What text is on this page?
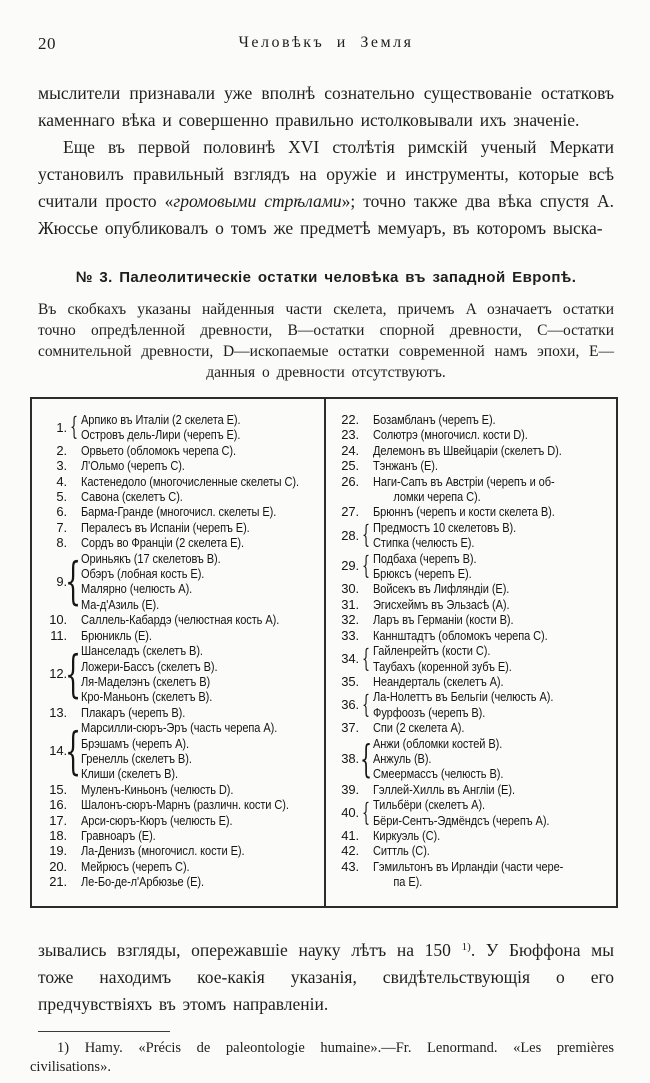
20	Человѣкъ и Земля

мыслители признавали уже вполнѣ сознательно существованіе остатковъ каменнаго вѣка и совершенно правильно истолковывали ихъ значеніе.

Еще въ первой половинѣ XVI столѣтія римскій ученый Меркати установилъ правильный взглядъ на оружіе и инструменты, которые всѣ считали просто «громовыми стрѣлами»; точно также два вѣка спустя А. Жюссье опубликовалъ о томъ же предметѣ мемуаръ, въ которомъ выска-

№ 3. Палеолитическіе остатки человѣка въ западной Европѣ.

Въ скобкахъ указаны найденныя части скелета, причемъ A означаетъ остатки точно опредѣленной древности, B—остатки спорной древности, C—остатки сомнительной древности, D—ископаемые остатки современной намъ эпохи, E—данныя о древности отсутствуютъ.

1. { Арпико въ Италіи (2 скелета Е).
Островъ дель-Лири (черепъ Е).
2. Орвьето (обломокъ черепа С).
3. Л'Ольмо (черепъ С).
4. Кастенедоло (многочисленные скелеты С).
5. Савона (скелетъ С).
6. Барма-Гранде (многочисл. скелеты Е).
7. Пералесъ въ Испаніи (черепъ Е).
8. Сордъ во Франціи (2 скелета Е).
9.
{ Ориньякъ (17 скелетовъ В).
Обэръ (лобная кость Е).
Малярно (челюсть А).
Ма-д'Азиль (Е).
10. Саллель-Кабардэ (челюстная кость А).
11. Брюникль (Е).
12.
{ Шанселадъ (скелетъ В).
Ложери-Бассъ (скелетъ В).
Ля-Маделэнъ (скелетъ В)
Кро-Маньонъ (скелетъ В).
13. Плакаръ (черепъ В).
14.
{ Марсилли-сюръ-Эръ (часть черепа А).
Брэшамъ (черепъ А).
Гренелль (скелетъ В).
Клиши (скелетъ В).
15. Муленъ-Киньонъ (челюсть D).
16. Шалонъ-сюръ-Марнъ (различн. кости С).
17. Арси-сюръ-Кюръ (челюсть Е).
18. Гравноаръ (Е).
19. Ла-Денизъ (многочисл. кости Е).
20. Мейрюсъ (черепъ С).
21. Ле-Бо-де-л'Арбюзье (Е).
22. Бозамбланъ (черепъ Е).
23. Солютрэ (многочисл. кости D).
24. Делемонъ въ Швейцаріи (скелетъ D).
25. Тэнжанъ (Е).
26. Наги-Сапъ въ Австріи (черепъ и об-
ломки черепа С).
27. Брюннъ (черепъ и кости скелета В).
28. { Предмостъ 10 скелетовъ В).
Стипка (челюсть Е).
29. { Подбаха (черепъ В).
Брюксъ (черепъ Е).
30. Войсекъ въ Лифляндіи (Е).
31. Эгисхеймъ въ Эльзасѣ (А).
32. Ларъ въ Германіи (кости В).
33. Каннштадтъ (обломокъ черепа С).
34. { Гайленрейтъ (кости С).
Таубахъ (коренной зубъ Е).
35. Неандерталь (скелетъ А).
36. { Ла-Нолеттъ въ Бельгіи (челюсть А).
Фурфоозъ (черепъ В).
37. Спи (2 скелета А).
38. { Анжи (обломки костей В).
Анжуль (В).
Смеермассъ (челюсть В).
39. Гэллей-Хилль въ Англіи (Е).
40. { Тильбёри (скелетъ А).
Бёри-Сентъ-Эдмёндсъ (черепъ А).
41. Киркуэль (С).
42. Ситтль (С).
43. Гэмильтонъ въ Ирландіи (части чере-
па Е).

зывались взгляды, опережавшіе науку лѣтъ на 150 $^{1)}$. У Бюффона мы тоже находимъ кое-какія указанія, свидѣтельствующія о его предчувствіяхъ въ этомъ направленіи.

1) Hamy. «Précis de paleontologie humaine».—Fr. Lenormand. «Les premières civilisations».
